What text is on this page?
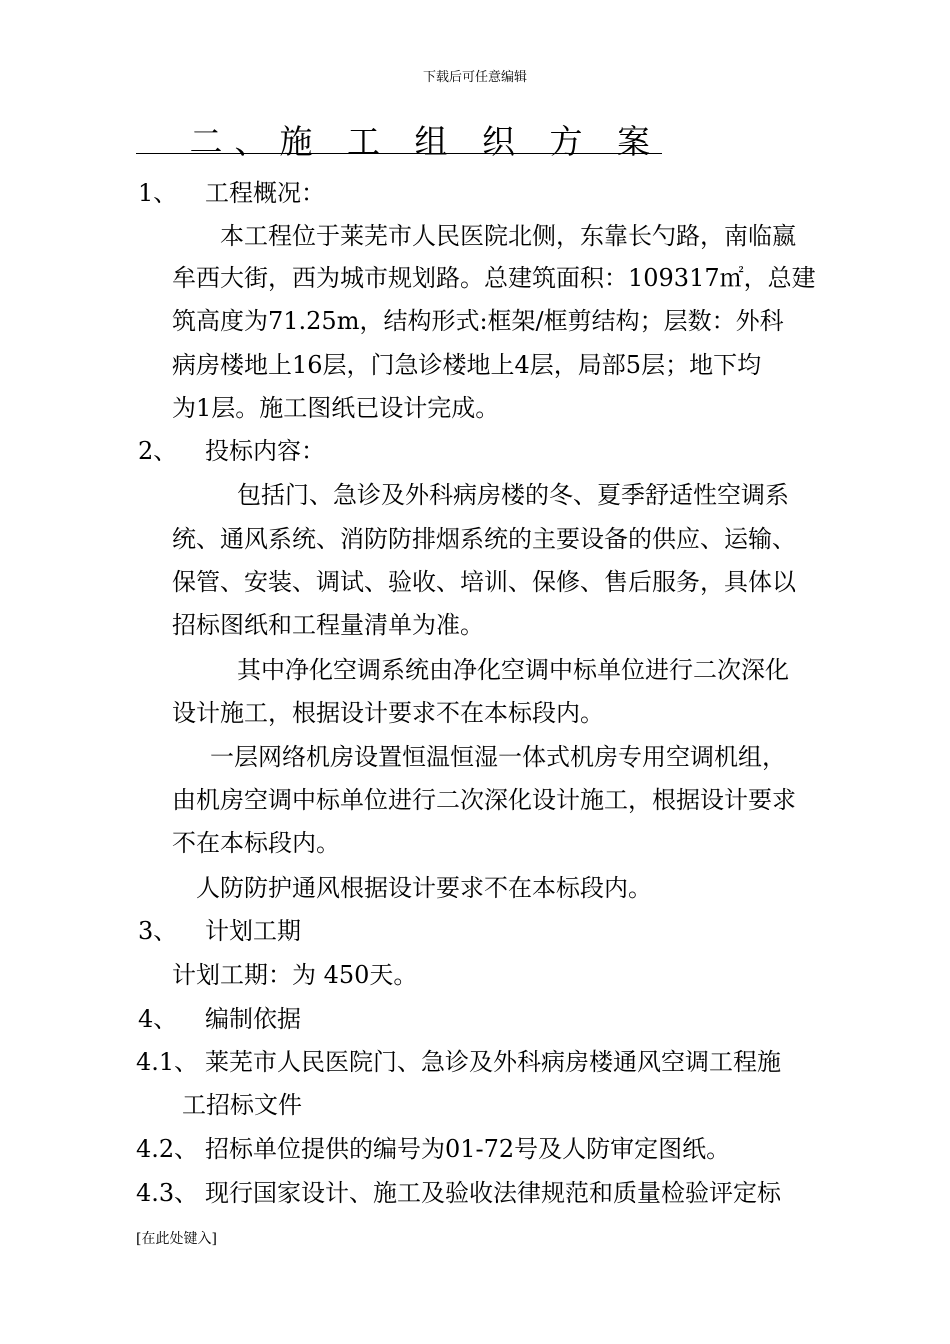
下载后可任意编辑
二、施 工 组 织 方 案
1、 工程概况：
本工程位于莱芜市人民医院北侧，东靠长勺路，南临嬴
牟西大街，西为城市规划路。总建筑面积：109317㎡，总建
筑高度为71.25m，结构形式:框架/框剪结构；层数：外科
病房楼地上16层，门急诊楼地上4层，局部5层；地下均
为1层。施工图纸已设计完成。
2、 投标内容：
包括门、急诊及外科病房楼的冬、夏季舒适性空调系
统、通风系统、消防防排烟系统的主要设备的供应、运输、
保管、安装、调试、验收、培训、保修、售后服务，具体以
招标图纸和工程量清单为准。
其中净化空调系统由净化空调中标单位进行二次深化
设计施工，根据设计要求不在本标段内。
一层网络机房设置恒温恒湿一体式机房专用空调机组，
由机房空调中标单位进行二次深化设计施工，根据设计要求
不在本标段内。
人防防护通风根据设计要求不在本标段内。
3、 计划工期
计划工期：为 450天。
4、 编制依据
4.1、 莱芜市人民医院门、急诊及外科病房楼通风空调工程施
工招标文件
4.2、 招标单位提供的编号为01-72号及人防审定图纸。
4.3、 现行国家设计、施工及验收法律规范和质量检验评定标
[在此处键入]
